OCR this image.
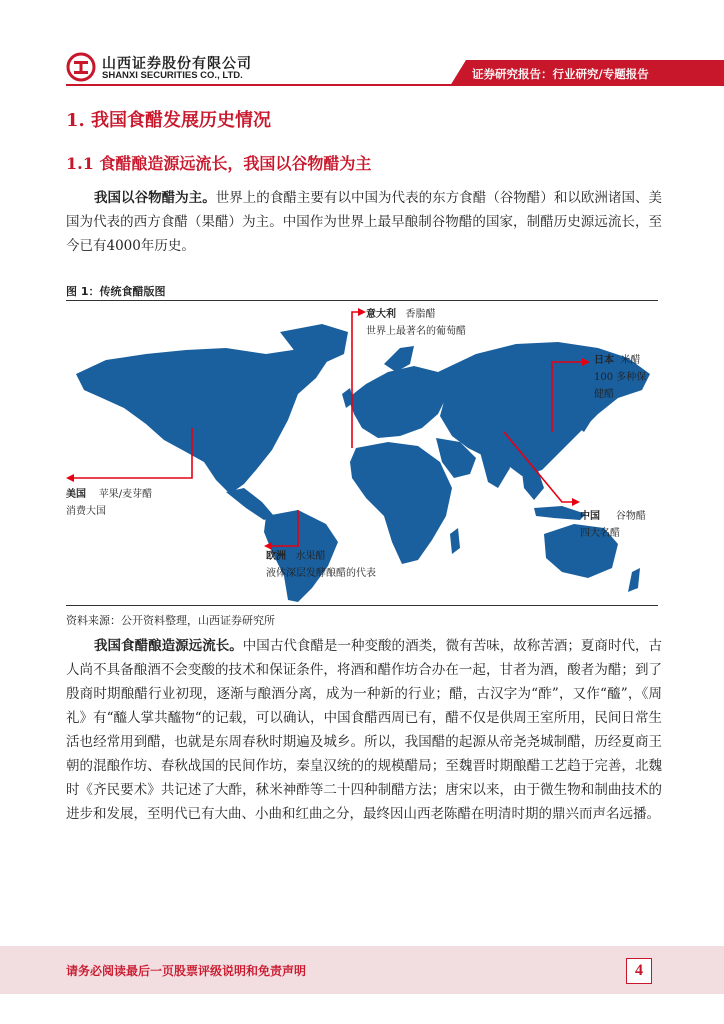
山西证券股份有限公司
SHANXI SECURITIES CO., LTD.	证券研究报告：行业研究/专题报告
1. 我国食醋发展历史情况
1.1 食醋酿造源远流长，我国以谷物醋为主

我国以谷物醋为主。世界上的食醋主要有以中国为代表的东方食醋（谷物醋）和以欧洲诸国、美国为代表的西方食醋（果醋）为主。中国作为世界上最早酿制谷物醋的国家，制醋历史源远流长，至今已有4000年历史。

图 1：传统食醋版图
意大利 香脂醋
世界上最著名的葡萄醋
日本 米醋
100 多种保
健醋
美国 苹果/麦芽醋
消费大国	中国 谷物醋
四大名醋
欧洲 水果醋
液体深层发酵酿醋的代表
全景网 www.quanjing.com
资料来源：公开资料整理，山西证券研究所

我国食醋酿造源远流长。中国古代食醋是一种变酸的酒类，微有苦味，故称苦酒；夏商时代，古人尚不具备酿酒不会变酸的技术和保证条件，将酒和醋作坊合办在一起，甘者为酒，酸者为醋；到了殷商时期酿醋行业初现，逐渐与酿酒分离，成为一种新的行业；醋，古汉字为“酢”，又作“醯”，《周礼》有“醯人掌共醯物“的记载，可以确认，中国食醋西周已有，醋不仅是供周王室所用，民间日常生活也经常用到醋，也就是东周春秋时期遍及城乡。所以，我国醋的起源从帝尧尧城制醋，历经夏商王朝的混酿作坊、春秋战国的民间作坊，秦皇汉统的的规模醋局；至魏晋时期酿醋工艺趋于完善，北魏时《齐民要术》共记述了大酢，秫米神酢等二十四种制醋方法；唐宋以来，由于微生物和制曲技术的进步和发展，至明代已有大曲、小曲和红曲之分，最终因山西老陈醋在明清时期的鼎兴而声名远播。

请务必阅读最后一页股票评级说明和免责声明	4
